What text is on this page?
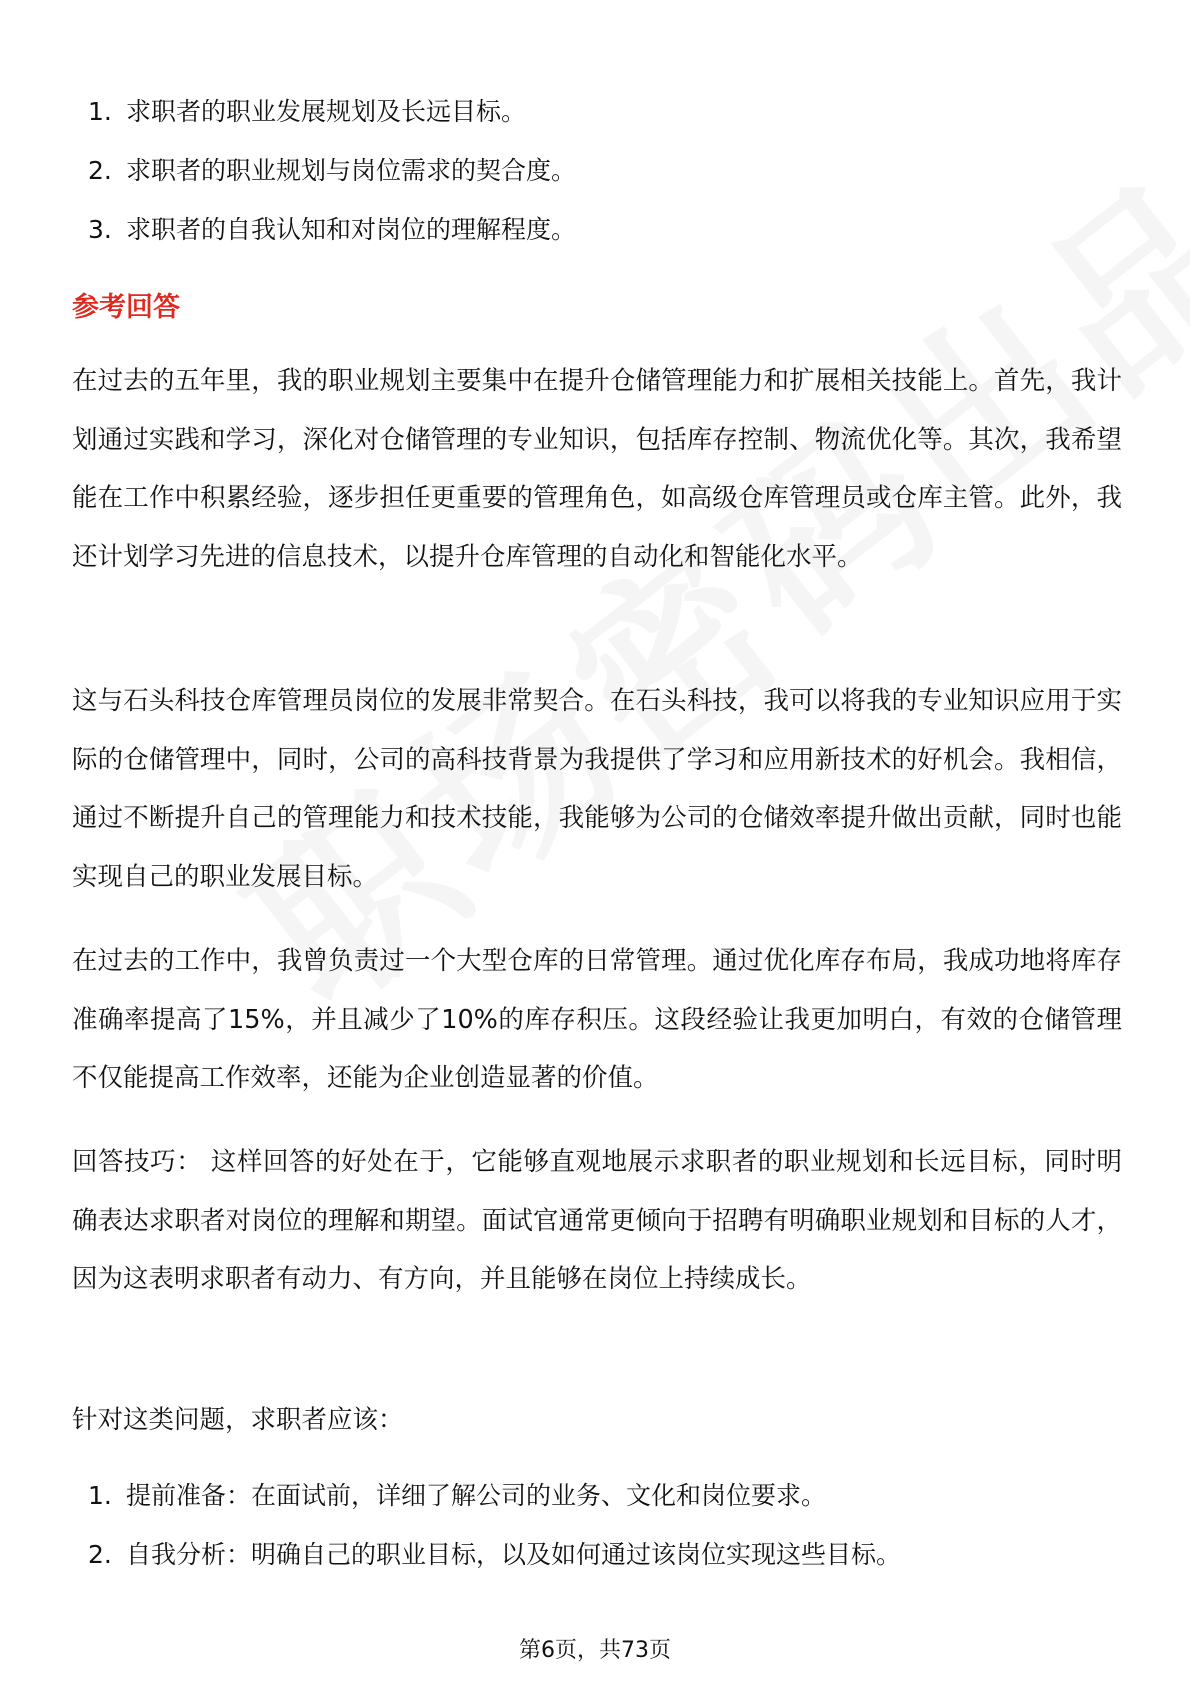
1. 求职者的职业发展规划及长远目标。
2. 求职者的职业规划与岗位需求的契合度。
3. 求职者的自我认知和对岗位的理解程度。
参考回答

在过去的五年里，我的职业规划主要集中在提升仓储管理能力和扩展相关技能上。首先，我计划通过实践和学习，深化对仓储管理的专业知识，包括库存控制、物流优化等。其次，我希望能在工作中积累经验，逐步担任更重要的管理角色，如高级仓库管理员或仓库主管。此外，我还计划学习先进的信息技术，以提升仓库管理的自动化和智能化水平。

这与石头科技仓库管理员岗位的发展非常契合。在石头科技，我可以将我的专业知识应用于实际的仓储管理中，同时，公司的高科技背景为我提供了学习和应用新技术的好机会。我相信，通过不断提升自己的管理能力和技术技能，我能够为公司的仓储效率提升做出贡献，同时也能实现自己的职业发展目标。

在过去的工作中，我曾负责过一个大型仓库的日常管理。通过优化库存布局，我成功地将库存准确率提高了15%，并且减少了10%的库存积压。这段经验让我更加明白，有效的仓储管理不仅能提高工作效率，还能为企业创造显著的价值。

回答技巧： 这样回答的好处在于，它能够直观地展示求职者的职业规划和长远目标，同时明确表达求职者对岗位的理解和期望。面试官通常更倾向于招聘有明确职业规划和目标的人才，因为这表明求职者有动力、有方向，并且能够在岗位上持续成长。

针对这类问题，求职者应该：

1. 提前准备：在面试前，详细了解公司的业务、文化和岗位要求。
2. 自我分析：明确自己的职业目标，以及如何通过该岗位实现这些目标。
第6页，共73页
